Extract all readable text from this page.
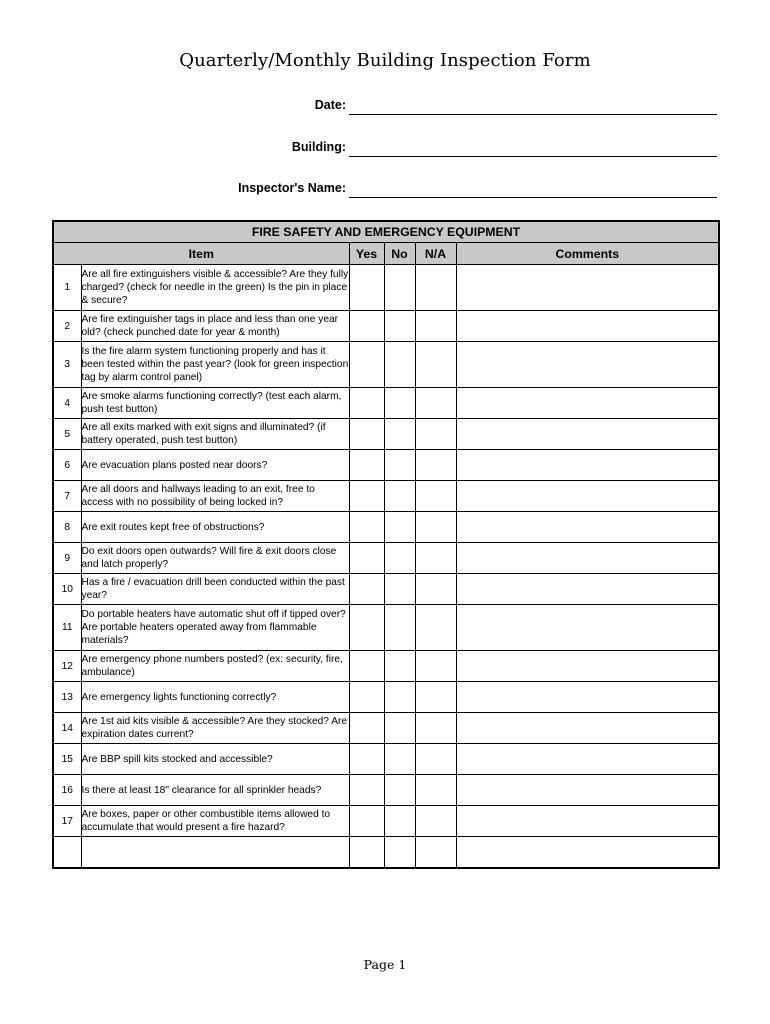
Quarterly/Monthly Building Inspection Form
Date:
Building:
Inspector's Name:
FIRE SAFETY AND EMERGENCY EQUIPMENT					
Item		Yes	No	N/A	Comments
1	Are all fire extinguishers visible & accessible? Are they fully charged? (check for needle in the green) Is the pin in place & secure?				
2	Are fire extinguisher tags in place and less than one year old? (check punched date for year & month)				
3	Is the fire alarm system functioning properly and has it been tested within the past year? (look for green inspection tag by alarm control panel)				
4	Are smoke alarms functioning correctly? (test each alarm, push test button)				
5	Are all exits marked with exit signs and illuminated? (if battery operated, push test button)				
6	Are evacuation plans posted near doors?				
7	Are all doors and hallways leading to an exit, free to access with no possibility of being locked in?				
8	Are exit routes kept free of obstructions?				
9	Do exit doors open outwards? Will fire & exit doors close and latch properly?				
10	Has a fire / evacuation drill been conducted within the past year?				
11	Do portable heaters have automatic shut off if tipped over? Are portable heaters operated away from flammable materials?				
12	Are emergency phone numbers posted? (ex: security, fire, ambulance)				
13	Are emergency lights functioning correctly?				
14	Are 1st aid kits visible & accessible? Are they stocked? Are expiration dates current?				
15	Are BBP spill kits stocked and accessible?				
16	Is there at least 18" clearance for all sprinkler heads?				
17	Are boxes, paper or other combustible items allowed to accumulate that would present a fire hazard?				

Page 1
